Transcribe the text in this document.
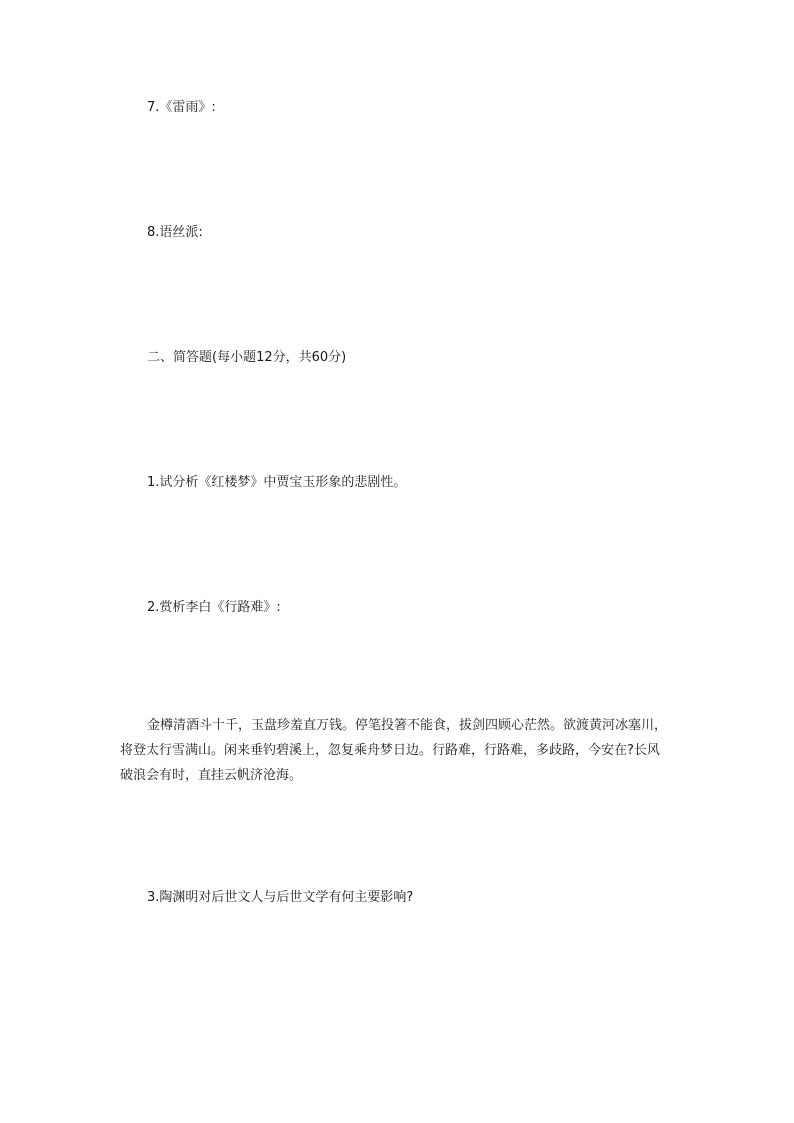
7.《雷雨》:
8.语丝派:
二、简答题(每小题12分，共60分)
1.试分析《红楼梦》中贾宝玉形象的悲剧性。
2.赏析李白《行路难》:
金樽清酒斗十千，玉盘珍羞直万钱。停笔投箸不能食，拔剑四顾心茫然。欲渡黄河冰塞川，将登太行雪满山。闲来垂钓碧溪上，忽复乘舟梦日边。行路难，行路难，多歧路，今安在?长风破浪会有时，直挂云帆济沧海。
3.陶渊明对后世文人与后世文学有何主要影响?
